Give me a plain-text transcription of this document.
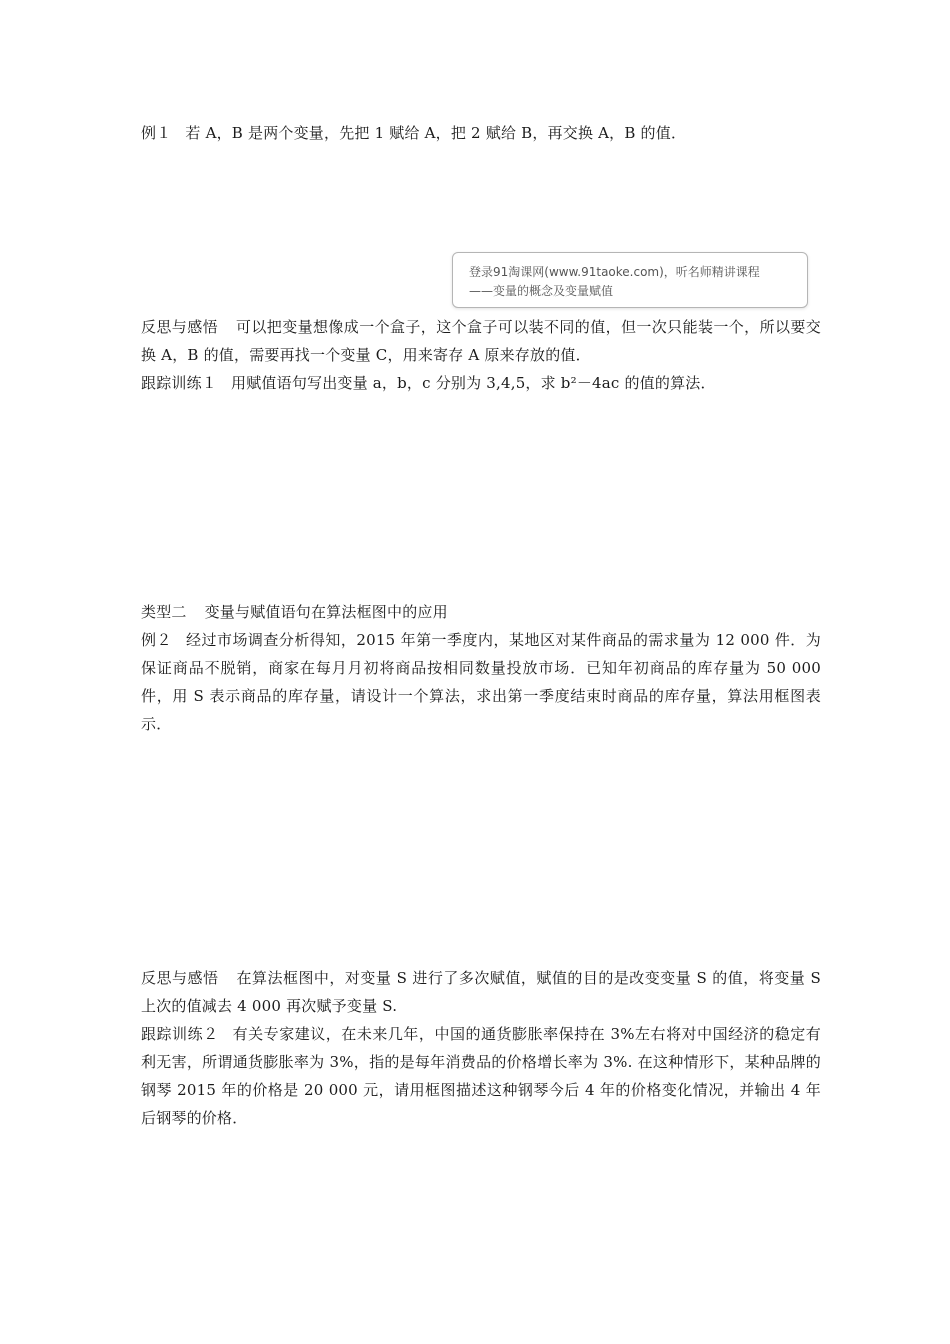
例１ 若 A，B 是两个变量，先把 1 赋给 A，把 2 赋给 B，再交换 A，B 的值．

登录91淘课网(www.91taoke.com)，听名师精讲课程
——变量的概念及变量赋值

反思与感悟 可以把变量想像成一个盒子，这个盒子可以装不同的值，但一次只能装一个，所以要交换 A，B 的值，需要再找一个变量 C，用来寄存 A 原来存放的值．

跟踪训练１ 用赋值语句写出变量 a，b，c 分别为 3,4,5，求 b²－4ac 的值的算法．

类型二 变量与赋值语句在算法框图中的应用

例２ 经过市场调查分析得知，2015 年第一季度内，某地区对某件商品的需求量为 12 000 件．为保证商品不脱销，商家在每月月初将商品按相同数量投放市场．已知年初商品的库存量为 50 000 件，用 S 表示商品的库存量，请设计一个算法，求出第一季度结束时商品的库存量，算法用框图表示．

反思与感悟 在算法框图中，对变量 S 进行了多次赋值，赋值的目的是改变变量 S 的值，将变量 S 上次的值减去 4 000 再次赋予变量 S.

跟踪训练２ 有关专家建议，在未来几年，中国的通货膨胀率保持在 3%左右将对中国经济的稳定有利无害，所谓通货膨胀率为 3%，指的是每年消费品的价格增长率为 3%. 在这种情形下，某种品牌的钢琴 2015 年的价格是 20 000 元，请用框图描述这种钢琴今后 4 年的价格变化情况，并输出 4 年后钢琴的价格．
